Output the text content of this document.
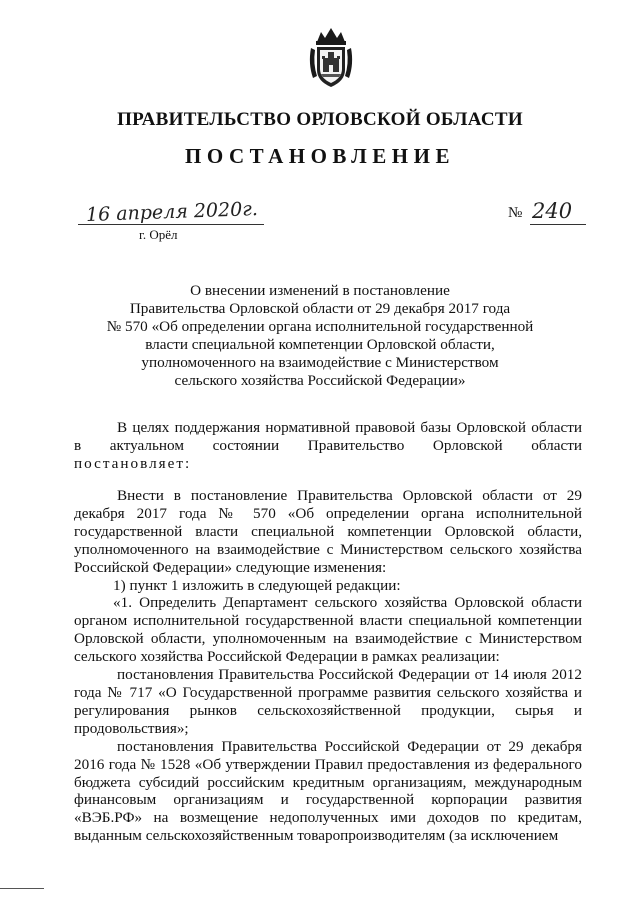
ПРАВИТЕЛЬСТВО ОРЛОВСКОЙ ОБЛАСТИ
ПОСТАНОВЛЕНИЕ
16 апреля 2020г.
г. Орёл
№ 240
О внесении изменений в постановление
Правительства Орловской области от 29 декабря 2017 года
№ 570 «Об определении органа исполнительной государственной
власти специальной компетенции Орловской области,
уполномоченного на взаимодействие с Министерством
сельского хозяйства Российской Федерации»

В целях поддержания нормативной правовой базы Орловской области

в актуальном состоянии Правительство Орловской области

постановляет:

Внести в постановление Правительства Орловской области от 29 декабря 2017 года № 570 «Об определении органа исполнительной государственной власти специальной компетенции Орловской области, уполномоченного на взаимодействие с Министерством сельского хозяйства Российской Федерации» следующие изменения:

1) пункт 1 изложить в следующей редакции:

«1. Определить Департамент сельского хозяйства Орловской области органом исполнительной государственной власти специальной компетенции Орловской области, уполномоченным на взаимодействие с Министерством сельского хозяйства Российской Федерации в рамках реализации:

постановления Правительства Российской Федерации от 14 июля 2012 года № 717 «О Государственной программе развития сельского хозяйства и регулирования рынков сельскохозяйственной продукции, сырья и продовольствия»;

постановления Правительства Российской Федерации от 29 декабря 2016 года № 1528 «Об утверждении Правил предоставления из федерального бюджета субсидий российским кредитным организациям, международным финансовым организациям и государственной корпорации развития «ВЭБ.РФ» на возмещение недополученных ими доходов по кредитам, выданным сельскохозяйственным товаропроизводителям (за исключением
